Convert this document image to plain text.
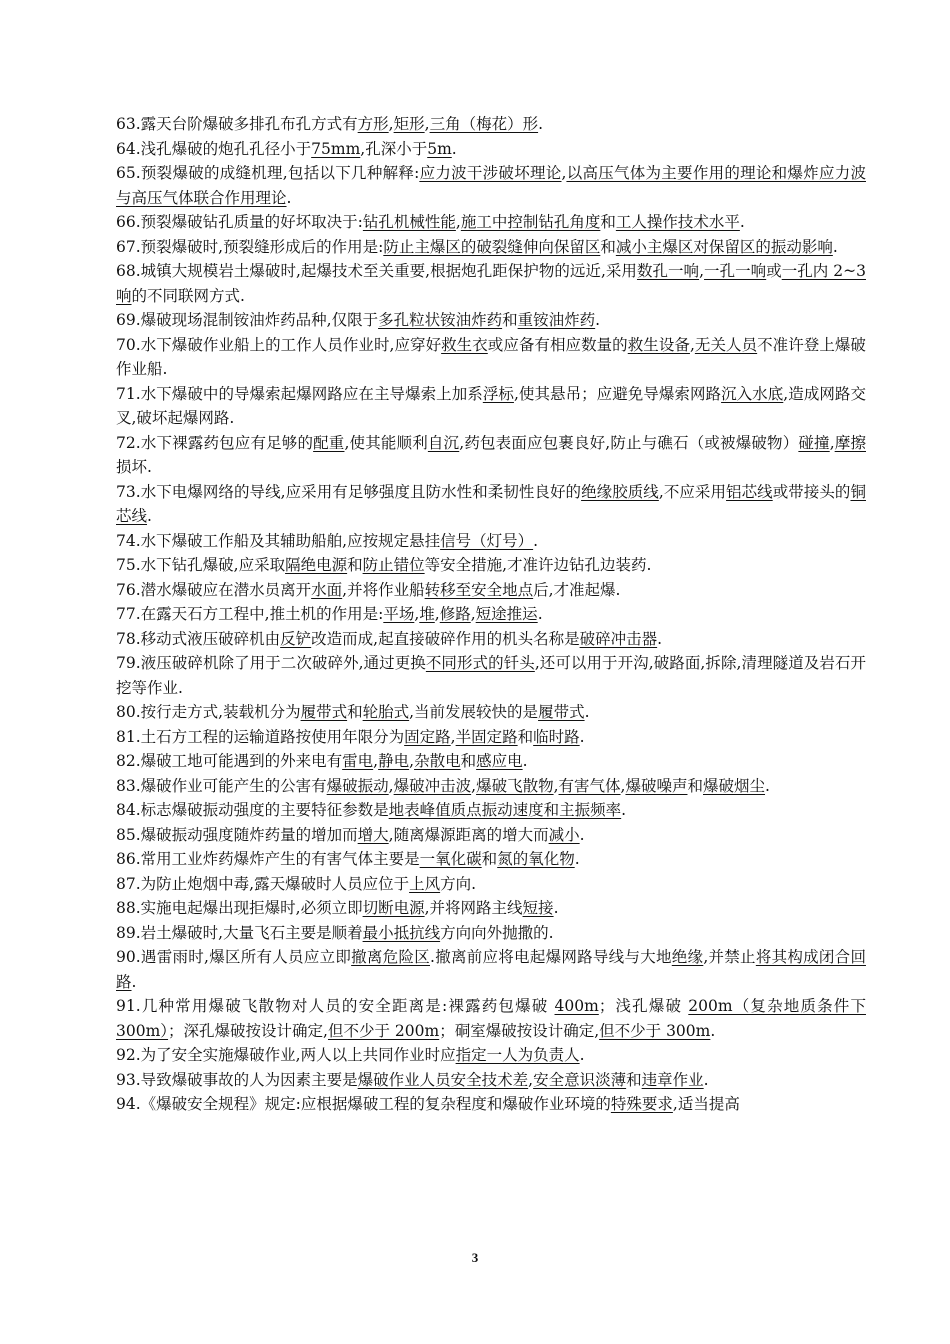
63.露天台阶爆破多排孔布孔方式有方形,矩形,三角（梅花）形.

64.浅孔爆破的炮孔孔径小于75mm,孔深小于5m.

65.预裂爆破的成缝机理,包括以下几种解释:应力波干涉破坏理论,以高压气体为主要作用的理论和爆炸应力波与高压气体联合作用理论.

66.预裂爆破钻孔质量的好坏取决于:钻孔机械性能,施工中控制钻孔角度和工人操作技术水平.

67.预裂爆破时,预裂缝形成后的作用是:防止主爆区的破裂缝伸向保留区和减小主爆区对保留区的振动影响.

68.城镇大规模岩土爆破时,起爆技术至关重要,根据炮孔距保护物的远近,采用数孔一响,一孔一响或一孔内 2~3 响的不同联网方式.

69.爆破现场混制铵油炸药品种,仅限于多孔粒状铵油炸药和重铵油炸药.

70.水下爆破作业船上的工作人员作业时,应穿好救生衣或应备有相应数量的救生设备,无关人员不准许登上爆破作业船.

71.水下爆破中的导爆索起爆网路应在主导爆索上加系浮标,使其悬吊；应避免导爆索网路沉入水底,造成网路交叉,破坏起爆网路.

72.水下裸露药包应有足够的配重,使其能顺利自沉,药包表面应包裹良好,防止与礁石（或被爆破物）碰撞,摩擦损坏.

73.水下电爆网络的导线,应采用有足够强度且防水性和柔韧性良好的绝缘胶质线,不应采用铝芯线或带接头的铜芯线.

74.水下爆破工作船及其辅助船舶,应按规定悬挂信号（灯号）.

75.水下钻孔爆破,应采取隔绝电源和防止错位等安全措施,才准许边钻孔边装药.

76.潜水爆破应在潜水员离开水面,并将作业船转移至安全地点后,才准起爆.

77.在露天石方工程中,推土机的作用是:平场,堆,修路,短途推运.

78.移动式液压破碎机由反铲改造而成,起直接破碎作用的机头名称是破碎冲击器.

79.液压破碎机除了用于二次破碎外,通过更换不同形式的钎头,还可以用于开沟,破路面,拆除,清理隧道及岩石开挖等作业.

80.按行走方式,装载机分为履带式和轮胎式,当前发展较快的是履带式.

81.土石方工程的运输道路按使用年限分为固定路,半固定路和临时路.

82.爆破工地可能遇到的外来电有雷电,静电,杂散电和感应电.

83.爆破作业可能产生的公害有爆破振动,爆破冲击波,爆破飞散物,有害气体,爆破噪声和爆破烟尘.

84.标志爆破振动强度的主要特征参数是地表峰值质点振动速度和主振频率.

85.爆破振动强度随炸药量的增加而增大,随离爆源距离的增大而减小.

86.常用工业炸药爆炸产生的有害气体主要是一氧化碳和氮的氧化物.

87.为防止炮烟中毒,露天爆破时人员应位于上风方向.

88.实施电起爆出现拒爆时,必须立即切断电源,并将网路主线短接.

89.岩土爆破时,大量飞石主要是顺着最小抵抗线方向向外抛撒的.

90.遇雷雨时,爆区所有人员应立即撤离危险区.撤离前应将电起爆网路导线与大地绝缘,并禁止将其构成闭合回路.

91.几种常用爆破飞散物对人员的安全距离是:裸露药包爆破 400m；浅孔爆破 200m（复杂地质条件下 300m）；深孔爆破按设计确定,但不少于 200m；硐室爆破按设计确定,但不少于 300m.

92.为了安全实施爆破作业,两人以上共同作业时应指定一人为负责人.

93.导致爆破事故的人为因素主要是爆破作业人员安全技术差,安全意识淡薄和违章作业.

94.《爆破安全规程》规定:应根据爆破工程的复杂程度和爆破作业环境的特殊要求,适当提高

3
